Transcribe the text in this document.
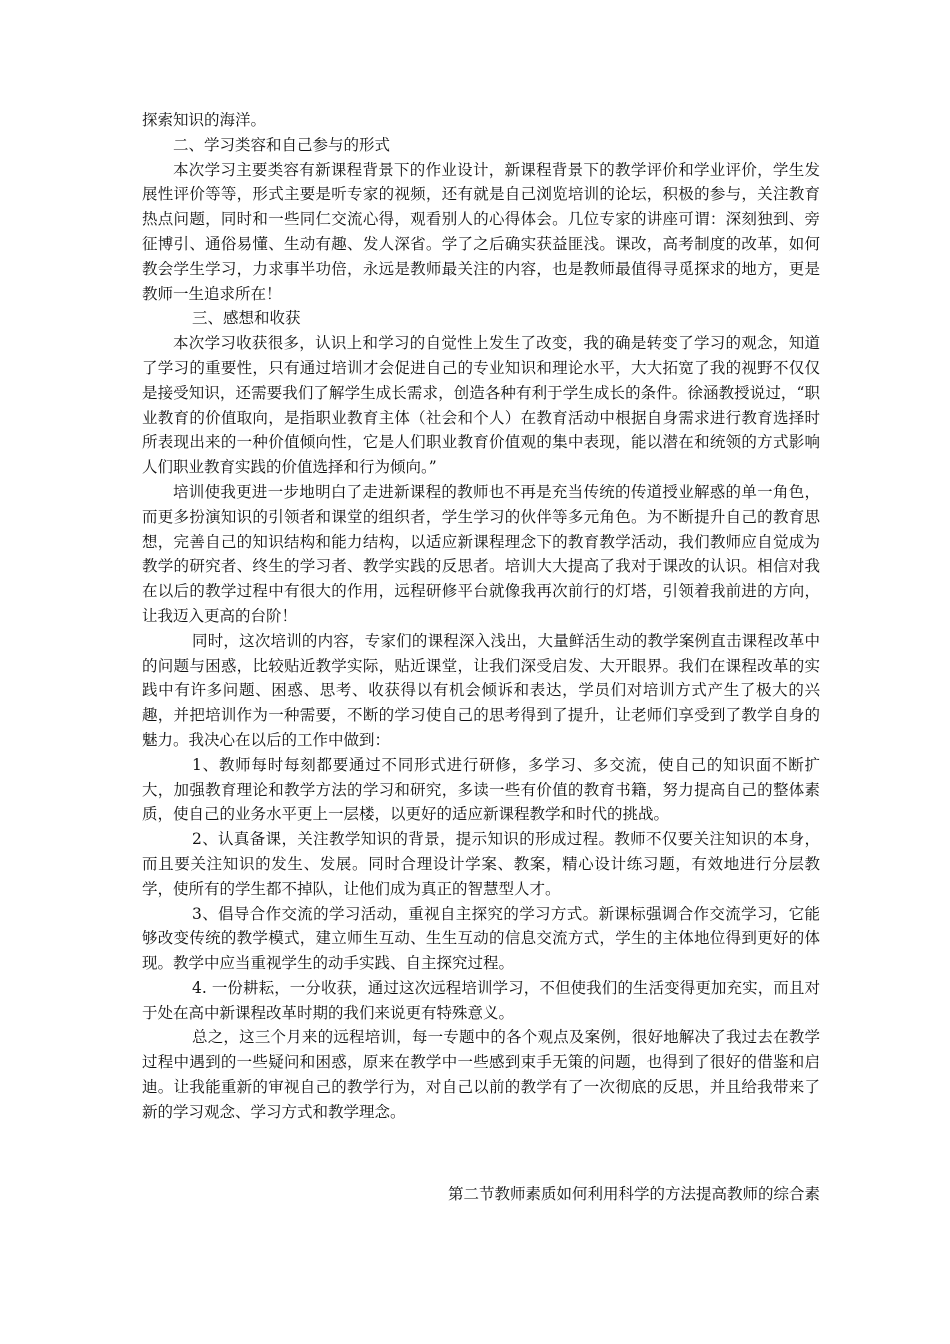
探索知识的海洋。

二、学习类容和自己参与的形式

本次学习主要类容有新课程背景下的作业设计，新课程背景下的教学评价和学业评价，学生发展性评价等等，形式主要是听专家的视频，还有就是自己浏览培训的论坛，积极的参与，关注教育热点问题，同时和一些同仁交流心得，观看别人的心得体会。几位专家的讲座可谓：深刻独到、旁征博引、通俗易懂、生动有趣、发人深省。学了之后确实获益匪浅。课改，高考制度的改革，如何教会学生学习，力求事半功倍，永远是教师最关注的内容，也是教师最值得寻觅探求的地方，更是教师一生追求所在！

三、感想和收获

本次学习收获很多，认识上和学习的自觉性上发生了改变，我的确是转变了学习的观念，知道了学习的重要性，只有通过培训才会促进自己的专业知识和理论水平，大大拓宽了我的视野不仅仅是接受知识，还需要我们了解学生成长需求，创造各种有利于学生成长的条件。徐涵教授说过，“职业教育的价值取向，是指职业教育主体（社会和个人）在教育活动中根据自身需求进行教育选择时所表现出来的一种价值倾向性，它是人们职业教育价值观的集中表现，能以潜在和统领的方式影响人们职业教育实践的价值选择和行为倾向。”

培训使我更进一步地明白了走进新课程的教师也不再是充当传统的传道授业解惑的单一角色，而更多扮演知识的引领者和课堂的组织者，学生学习的伙伴等多元角色。为不断提升自己的教育思想，完善自己的知识结构和能力结构，以适应新课程理念下的教育教学活动，我们教师应自觉成为教学的研究者、终生的学习者、教学实践的反思者。培训大大提高了我对于课改的认识。相信对我在以后的教学过程中有很大的作用，远程研修平台就像我再次前行的灯塔，引领着我前进的方向，让我迈入更高的台阶！

同时，这次培训的内容，专家们的课程深入浅出，大量鲜活生动的教学案例直击课程改革中的问题与困惑，比较贴近教学实际，贴近课堂，让我们深受启发、大开眼界。我们在课程改革的实践中有许多问题、困惑、思考、收获得以有机会倾诉和表达，学员们对培训方式产生了极大的兴趣，并把培训作为一种需要，不断的学习使自己的思考得到了提升，让老师们享受到了教学自身的魅力。我决心在以后的工作中做到：

1、教师每时每刻都要通过不同形式进行研修，多学习、多交流，使自己的知识面不断扩大，加强教育理论和教学方法的学习和研究，多读一些有价值的教育书籍，努力提高自己的整体素质，使自己的业务水平更上一层楼，以更好的适应新课程教学和时代的挑战。

2、认真备课，关注教学知识的背景，提示知识的形成过程。教师不仅要关注知识的本身，而且要关注知识的发生、发展。同时合理设计学案、教案，精心设计练习题，有效地进行分层教学，使所有的学生都不掉队，让他们成为真正的智慧型人才。

3、倡导合作交流的学习活动，重视自主探究的学习方式。新课标强调合作交流学习，它能够改变传统的教学模式，建立师生互动、生生互动的信息交流方式，学生的主体地位得到更好的体现。教学中应当重视学生的动手实践、自主探究过程。

4. 一份耕耘，一分收获，通过这次远程培训学习，不但使我们的生活变得更加充实，而且对于处在高中新课程改革时期的我们来说更有特殊意义。

总之，这三个月来的远程培训，每一专题中的各个观点及案例，很好地解决了我过去在教学过程中遇到的一些疑问和困惑，原来在教学中一些感到束手无策的问题，也得到了很好的借鉴和启迪。让我能重新的审视自己的教学行为，对自己以前的教学有了一次彻底的反思，并且给我带来了新的学习观念、学习方式和教学理念。

第二节教师素质如何利用科学的方法提高教师的综合素
